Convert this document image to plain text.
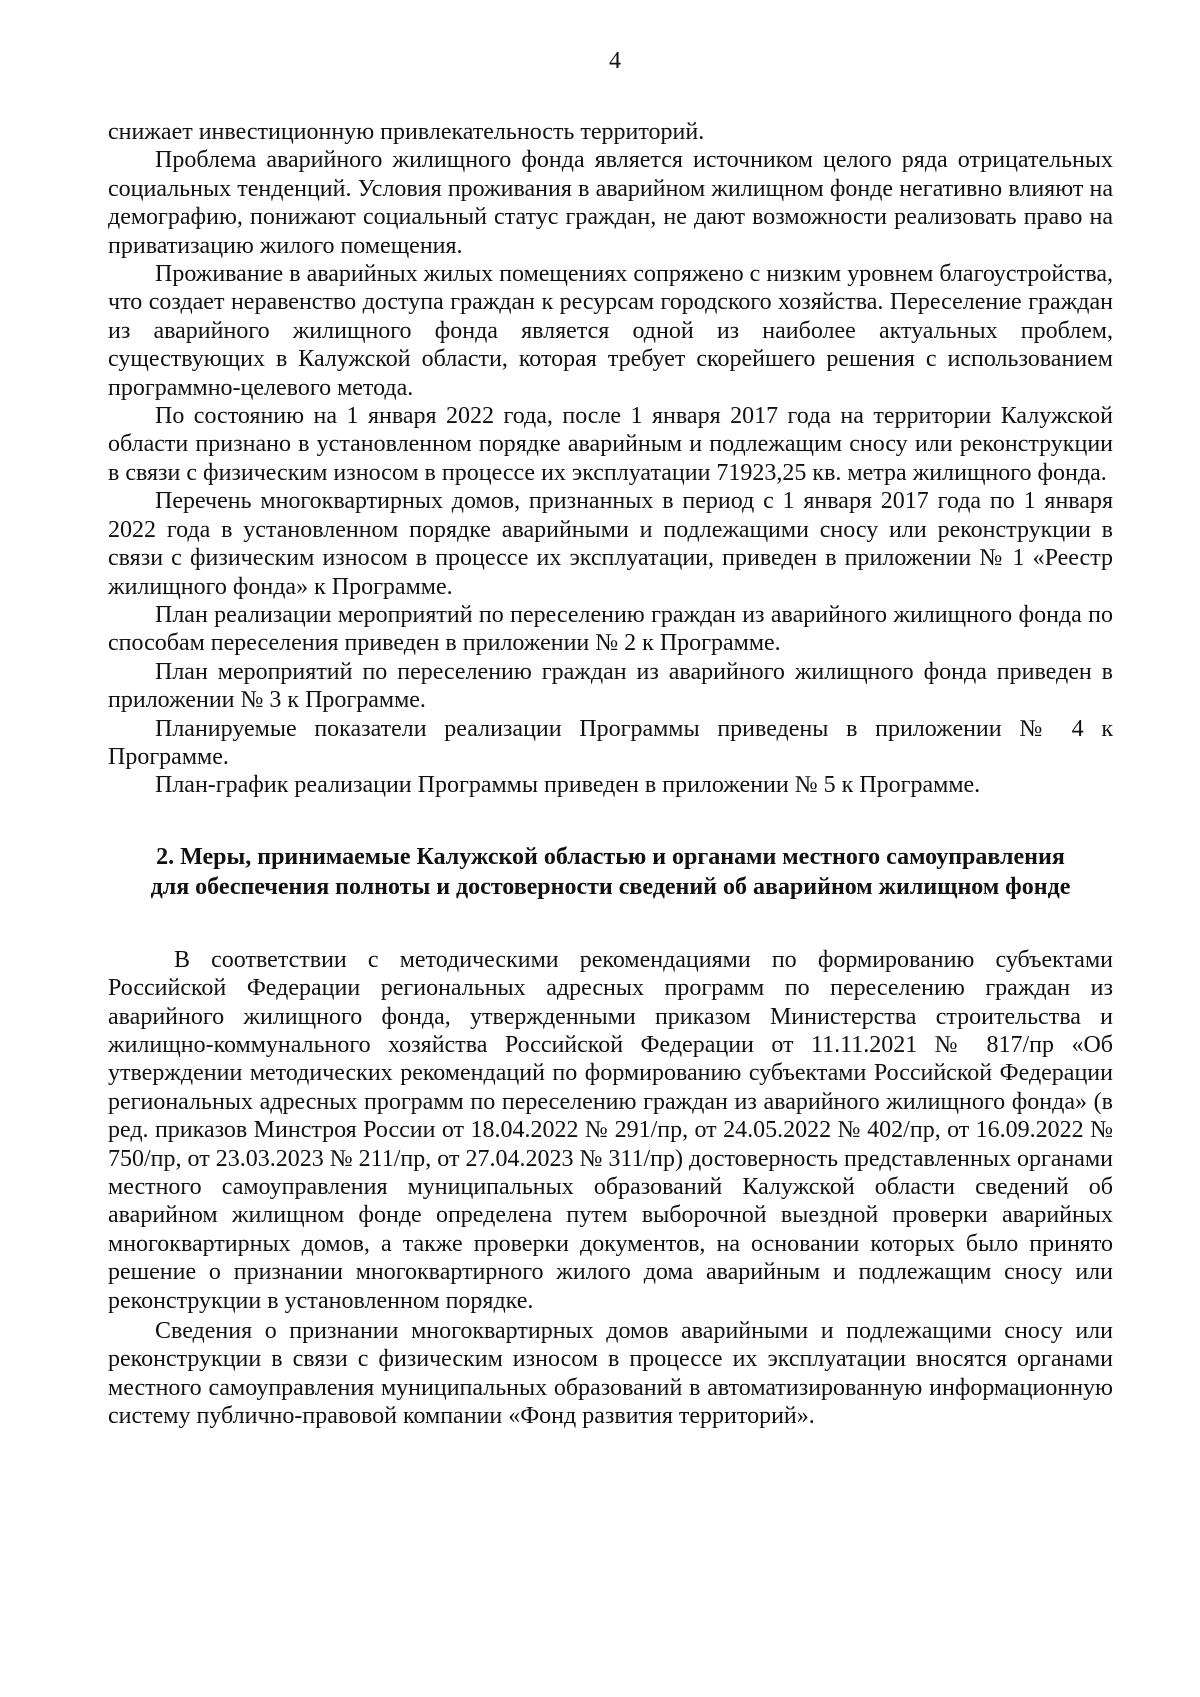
4

снижает инвестиционную привлекательность территорий.

Проблема аварийного жилищного фонда является источником целого ряда отрицательных социальных тенденций. Условия проживания в аварийном жилищном фонде негативно влияют на демографию, понижают социальный статус граждан, не дают возможности реализовать право на приватизацию жилого помещения.

Проживание в аварийных жилых помещениях сопряжено с низким уровнем благоустройства, что создает неравенство доступа граждан к ресурсам городского хозяйства. Переселение граждан из аварийного жилищного фонда является одной из наиболее актуальных проблем, существующих в Калужской области, которая требует скорейшего решения с использованием программно-целевого метода.

По состоянию на 1 января 2022 года, после 1 января 2017 года на территории Калужской области признано в установленном порядке аварийным и подлежащим сносу или реконструкции в связи с физическим износом в процессе их эксплуатации 71923,25 кв. метра жилищного фонда.

Перечень многоквартирных домов, признанных в период с 1 января 2017 года по 1 января 2022 года в установленном порядке аварийными и подлежащими сносу или реконструкции в связи с физическим износом в процессе их эксплуатации, приведен в приложении № 1 «Реестр жилищного фонда» к Программе.

План реализации мероприятий по переселению граждан из аварийного жилищного фонда по способам переселения приведен в приложении № 2 к Программе.

План мероприятий по переселению граждан из аварийного жилищного фонда приведен в приложении № 3 к Программе.

Планируемые показатели реализации Программы приведены в приложении № 4 к Программе.

План-график реализации Программы приведен в приложении № 5 к Программе.

2. Меры, принимаемые Калужской областью и органами местного самоуправления
для обеспечения полноты и достоверности сведений об аварийном жилищном фонде

В соответствии с методическими рекомендациями по формированию субъектами Российской Федерации региональных адресных программ по переселению граждан из аварийного жилищного фонда, утвержденными приказом Министерства строительства и жилищно-коммунального хозяйства Российской Федерации от 11.11.2021 № 817/пр «Об утверждении методических рекомендаций по формированию субъектами Российской Федерации региональных адресных программ по переселению граждан из аварийного жилищного фонда» (в ред. приказов Минстроя России от 18.04.2022 № 291/пр, от 24.05.2022 № 402/пр, от 16.09.2022 № 750/пр, от 23.03.2023 № 211/пр, от 27.04.2023 № 311/пр) достоверность представленных органами местного самоуправления муниципальных образований Калужской области сведений об аварийном жилищном фонде определена путем выборочной выездной проверки аварийных многоквартирных домов, а также проверки документов, на основании которых было принято решение о признании многоквартирного жилого дома аварийным и подлежащим сносу или реконструкции в установленном порядке.

Сведения о признании многоквартирных домов аварийными и подлежащими сносу или реконструкции в связи с физическим износом в процессе их эксплуатации вносятся органами местного самоуправления муниципальных образований в автоматизированную информационную систему публично-правовой компании «Фонд развития территорий».
